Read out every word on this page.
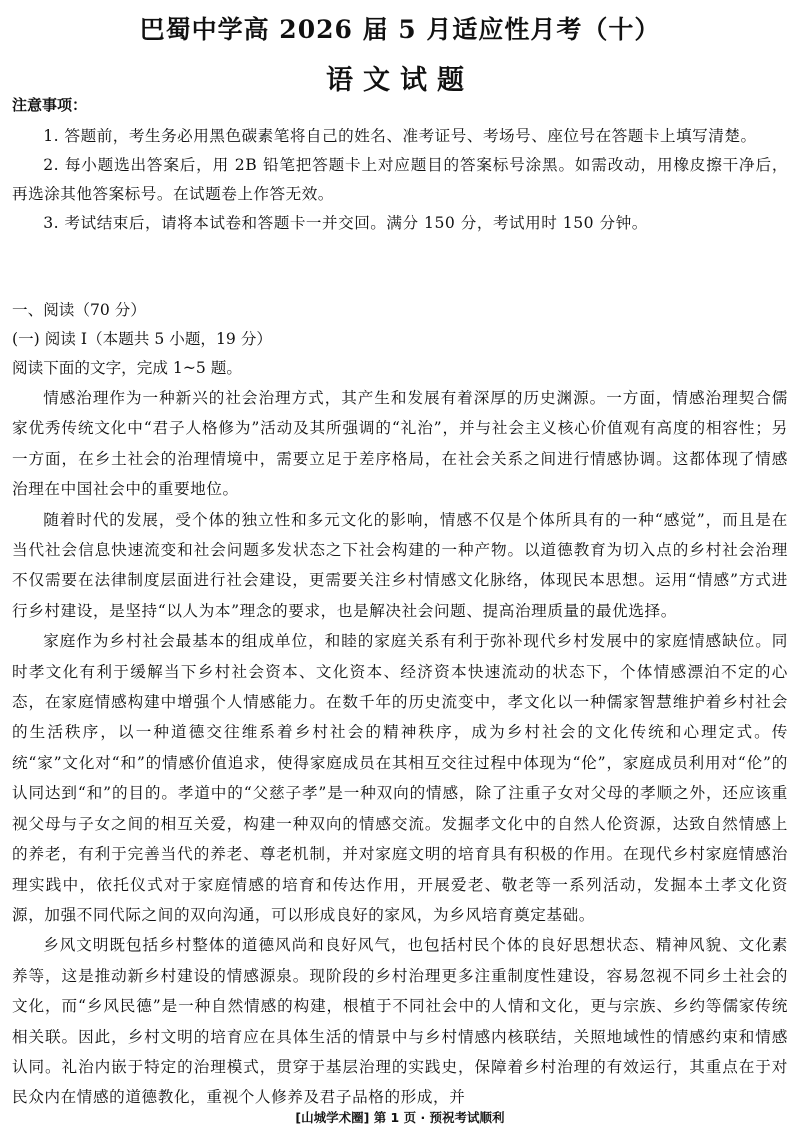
巴蜀中学高 2026 届 5 月适应性月考（十）
语文试题
注意事项：

1. 答题前，考生务必用黑色碳素笔将自己的姓名、准考证号、考场号、座位号在答题卡上填写清楚。

2. 每小题选出答案后，用 2B 铅笔把答题卡上对应题目的答案标号涂黑。如需改动，用橡皮擦干净后，再选涂其他答案标号。在试题卷上作答无效。

3. 考试结束后，请将本试卷和答题卡一并交回。满分 150 分，考试用时 150 分钟。

一、阅读（70 分）

(一) 阅读 I（本题共 5 小题，19 分）

阅读下面的文字，完成 1~5 题。

情感治理作为一种新兴的社会治理方式，其产生和发展有着深厚的历史渊源。一方面，情感治理契合儒家优秀传统文化中“君子人格修为”活动及其所强调的“礼治”，并与社会主义核心价值观有高度的相容性；另一方面，在乡土社会的治理情境中，需要立足于差序格局，在社会关系之间进行情感协调。这都体现了情感治理在中国社会中的重要地位。

随着时代的发展，受个体的独立性和多元文化的影响，情感不仅是个体所具有的一种“感觉”，而且是在当代社会信息快速流变和社会问题多发状态之下社会构建的一种产物。以道德教育为切入点的乡村社会治理不仅需要在法律制度层面进行社会建设，更需要关注乡村情感文化脉络，体现民本思想。运用“情感”方式进行乡村建设，是坚持“以人为本”理念的要求，也是解决社会问题、提高治理质量的最优选择。

家庭作为乡村社会最基本的组成单位，和睦的家庭关系有利于弥补现代乡村发展中的家庭情感缺位。同时孝文化有利于缓解当下乡村社会资本、文化资本、经济资本快速流动的状态下，个体情感漂泊不定的心态，在家庭情感构建中增强个人情感能力。在数千年的历史流变中，孝文化以一种儒家智慧维护着乡村社会的生活秩序，以一种道德交往维系着乡村社会的精神秩序，成为乡村社会的文化传统和心理定式。传统“家”文化对“和”的情感价值追求，使得家庭成员在其相互交往过程中体现为“伦”，家庭成员利用对“伦”的认同达到“和”的目的。孝道中的“父慈子孝”是一种双向的情感，除了注重子女对父母的孝顺之外，还应该重视父母与子女之间的相互关爱，构建一种双向的情感交流。发掘孝文化中的自然人伦资源，达致自然情感上的养老，有利于完善当代的养老、尊老机制，并对家庭文明的培育具有积极的作用。在现代乡村家庭情感治理实践中，依托仪式对于家庭情感的培育和传达作用，开展爱老、敬老等一系列活动，发掘本土孝文化资源，加强不同代际之间的双向沟通，可以形成良好的家风，为乡风培育奠定基础。

乡风文明既包括乡村整体的道德风尚和良好风气，也包括村民个体的良好思想状态、精神风貌、文化素养等，这是推动新乡村建设的情感源泉。现阶段的乡村治理更多注重制度性建设，容易忽视不同乡土社会的文化，而“乡风民德”是一种自然情感的构建，根植于不同社会中的人情和文化，更与宗族、乡约等儒家传统相关联。因此，乡村文明的培育应在具体生活的情景中与乡村情感内核联结，关照地域性的情感约束和情感认同。礼治内嵌于特定的治理模式，贯穿于基层治理的实践史，保障着乡村治理的有效运行，其重点在于对民众内在情感的道德教化，重视个人修养及君子品格的形成，并

[山城学术圈] 第 1 页 · 预祝考试顺利
